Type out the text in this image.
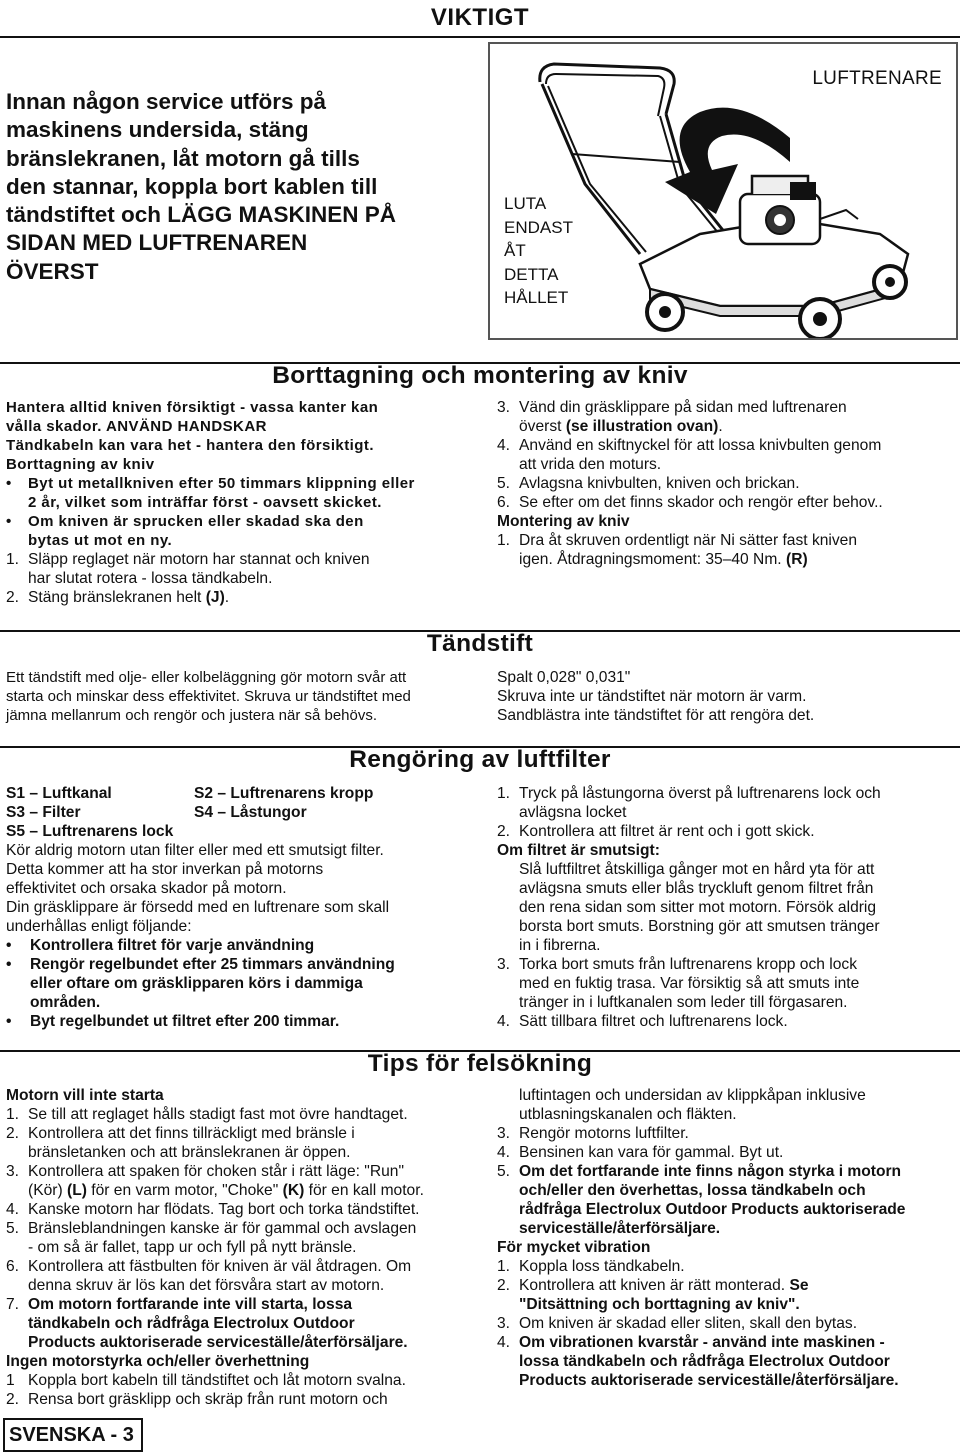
VIKTIGT
Innan någon service utförs på
maskinens undersida, stäng
bränslekranen, låt motorn gå tills
den stannar, koppla bort kablen till
tändstiftet och LÄGG MASKINEN PÅ
SIDAN MED LUFTRENAREN
ÖVERST
LUFTRENARE
LUTA
ENDAST
ÅT
DETTA
HÅLLET
Borttagning och montering av kniv
Hantera alltid kniven försiktigt - vassa kanter kan
vålla skador. ANVÄND HANDSKAR
Tändkabeln kan vara het - hantera den försiktigt.
Borttagning av kniv
• Byt ut metallkniven efter 50 timmars klippning eller
2 år, vilket som inträffar först - oavsett skicket.
• Om kniven är sprucken eller skadad ska den
bytas ut mot en ny.
1. Släpp reglaget när motorn har stannat och kniven
har slutat rotera - lossa tändkabeln.
2. Stäng bränslekranen helt (J).
3. Vänd din gräsklippare på sidan med luftrenaren
överst (se illustration ovan).
4. Använd en skiftnyckel för att lossa knivbulten genom
att vrida den moturs.
5. Avlagsna knivbulten, kniven och brickan.
6. Se efter om det finns skador och rengör efter behov..
Montering av kniv
1. Dra åt skruven ordentligt när Ni sätter fast kniven
igen. Åtdragningsmoment: 35–40 Nm. (R)
Tändstift
Ett tändstift med olje- eller kolbeläggning gör motorn svår att
starta och minskar dess effektivitet. Skruva ur tändstiftet med
jämna mellanrum och rengör och justera när så behövs.
Spalt 0,028" 0,031"
Skruva inte ur tändstiftet när motorn är varm.
Sandblästra inte tändstiftet för att rengöra det.
Rengöring av luftfilter
S1 – Luftkanal	S2 – Luftrenarens kropp
S3 – Filter	S4 – Låstungor
S5 – Luftrenarens lock
Kör aldrig motorn utan filter eller med ett smutsigt filter.
Detta kommer att ha stor inverkan på motorns
effektivitet och orsaka skador på motorn.
Din gräsklippare är försedd med en luftrenare som skall
underhållas enligt följande:
• Kontrollera filtret för varje användning
• Rengör regelbundet efter 25 timmars användning
eller oftare om gräsklipparen körs i dammiga
områden.
• Byt regelbundet ut filtret efter 200 timmar.
1. Tryck på låstungorna överst på luftrenarens lock och
avlägsna locket
2. Kontrollera att filtret är rent och i gott skick.
Om filtret är smutsigt:
Slå luftfiltret åtskilliga gånger mot en hård yta för att
avlägsna smuts eller blås tryckluft genom filtret från
den rena sidan som sitter mot motorn. Försök aldrig
borsta bort smuts. Borstning gör att smutsen tränger
in i fibrerna.
3. Torka bort smuts från luftrenarens kropp och lock
med en fuktig trasa. Var försiktig så att smuts inte
tränger in i luftkanalen som leder till förgasaren.
4. Sätt tillbara filtret och luftrenarens lock.
Tips för felsökning
Motorn vill inte starta
1. Se till att reglaget hålls stadigt fast mot övre handtaget.
2. Kontrollera att det finns tillräckligt med bränsle i
bränsletanken och att bränslekranen är öppen.
3. Kontrollera att spaken för choken står i rätt läge: "Run"
(Kör) (L) för en varm motor, "Choke" (K) för en kall motor.
4. Kanske motorn har flödats. Tag bort och torka tändstiftet.
5. Bränsleblandningen kanske är för gammal och avslagen
- om så är fallet, tapp ur och fyll på nytt bränsle.
6. Kontrollera att fästbulten för kniven är väl åtdragen. Om
denna skruv är lös kan det försvåra start av motorn.
7. Om motorn fortfarande inte vill starta, lossa
tändkabeln och rådfråga Electrolux Outdoor
Products auktoriserade serviceställe/återförsäljare.
Ingen motorstyrka och/eller överhettning
1 Koppla bort kabeln till tändstiftet och låt motorn svalna.
2. Rensa bort gräsklipp och skräp från runt motorn och
luftintagen och undersidan av klippkåpan inklusive
utblasningskanalen och fläkten.
3. Rengör motorns luftfilter.
4. Bensinen kan vara för gammal. Byt ut.
5. Om det fortfarande inte finns någon styrka i motorn
och/eller den överhettas, lossa tändkabeln och
rådfråga Electrolux Outdoor Products auktoriserade
serviceställe/återförsäljare.
För mycket vibration
1. Koppla loss tändkabeln.
2. Kontrollera att kniven är rätt monterad. Se
"Ditsättning och borttagning av kniv".
3. Om kniven är skadad eller sliten, skall den bytas.
4. Om vibrationen kvarstår - använd inte maskinen -
lossa tändkabeln och rådfråga Electrolux Outdoor
Products auktoriserade serviceställe/återförsäljare.
SVENSKA - 3
